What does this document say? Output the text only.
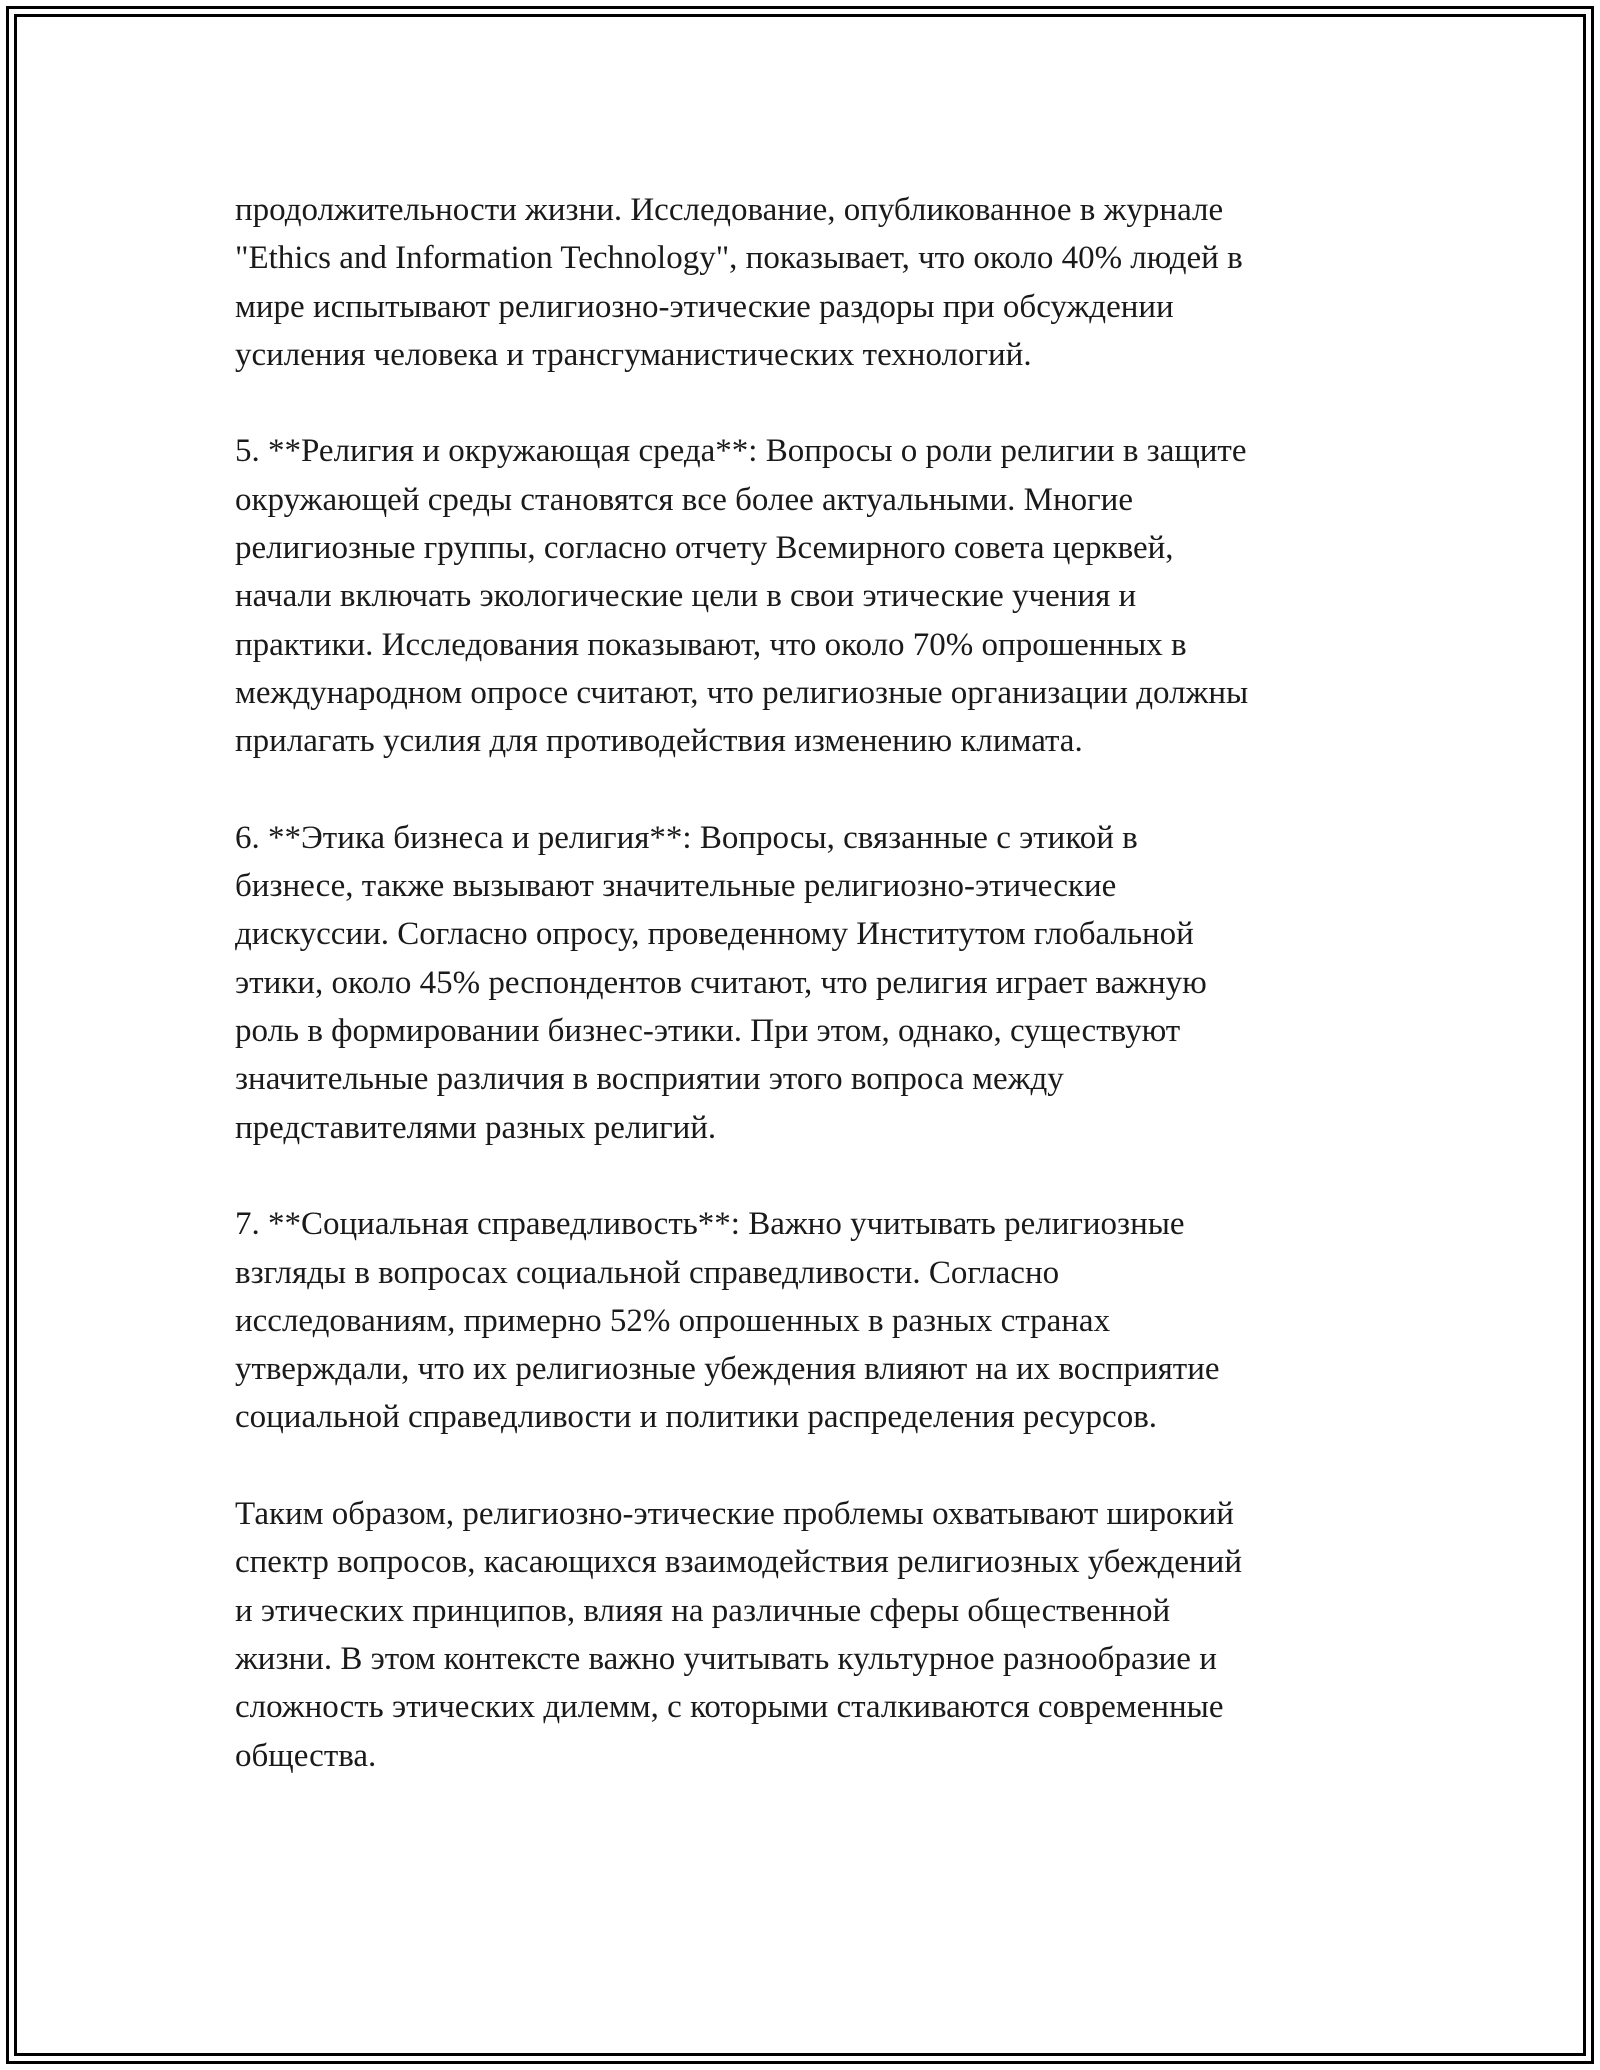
продолжительности жизни. Исследование, опубликованное в журнале
"Ethics and Information Technology", показывает, что около 40% людей в
мире испытывают религиозно-этические раздоры при обсуждении
усиления человека и трансгуманистических технологий.

5. **Религия и окружающая среда**: Вопросы о роли религии в защите
окружающей среды становятся все более актуальными. Многие
религиозные группы, согласно отчету Всемирного совета церквей,
начали включать экологические цели в свои этические учения и
практики. Исследования показывают, что около 70% опрошенных в
международном опросе считают, что религиозные организации должны
прилагать усилия для противодействия изменению климата.

6. **Этика бизнеса и религия**: Вопросы, связанные с этикой в
бизнесе, также вызывают значительные религиозно-этические
дискуссии. Согласно опросу, проведенному Институтом глобальной
этики, около 45% респондентов считают, что религия играет важную
роль в формировании бизнес-этики. При этом, однако, существуют
значительные различия в восприятии этого вопроса между
представителями разных религий.

7. **Социальная справедливость**: Важно учитывать религиозные
взгляды в вопросах социальной справедливости. Согласно
исследованиям, примерно 52% опрошенных в разных странах
утверждали, что их религиозные убеждения влияют на их восприятие
социальной справедливости и политики распределения ресурсов.

Таким образом, религиозно-этические проблемы охватывают широкий
спектр вопросов, касающихся взаимодействия религиозных убеждений
и этических принципов, влияя на различные сферы общественной
жизни. В этом контексте важно учитывать культурное разнообразие и
сложность этических дилемм, с которыми сталкиваются современные
общества.
